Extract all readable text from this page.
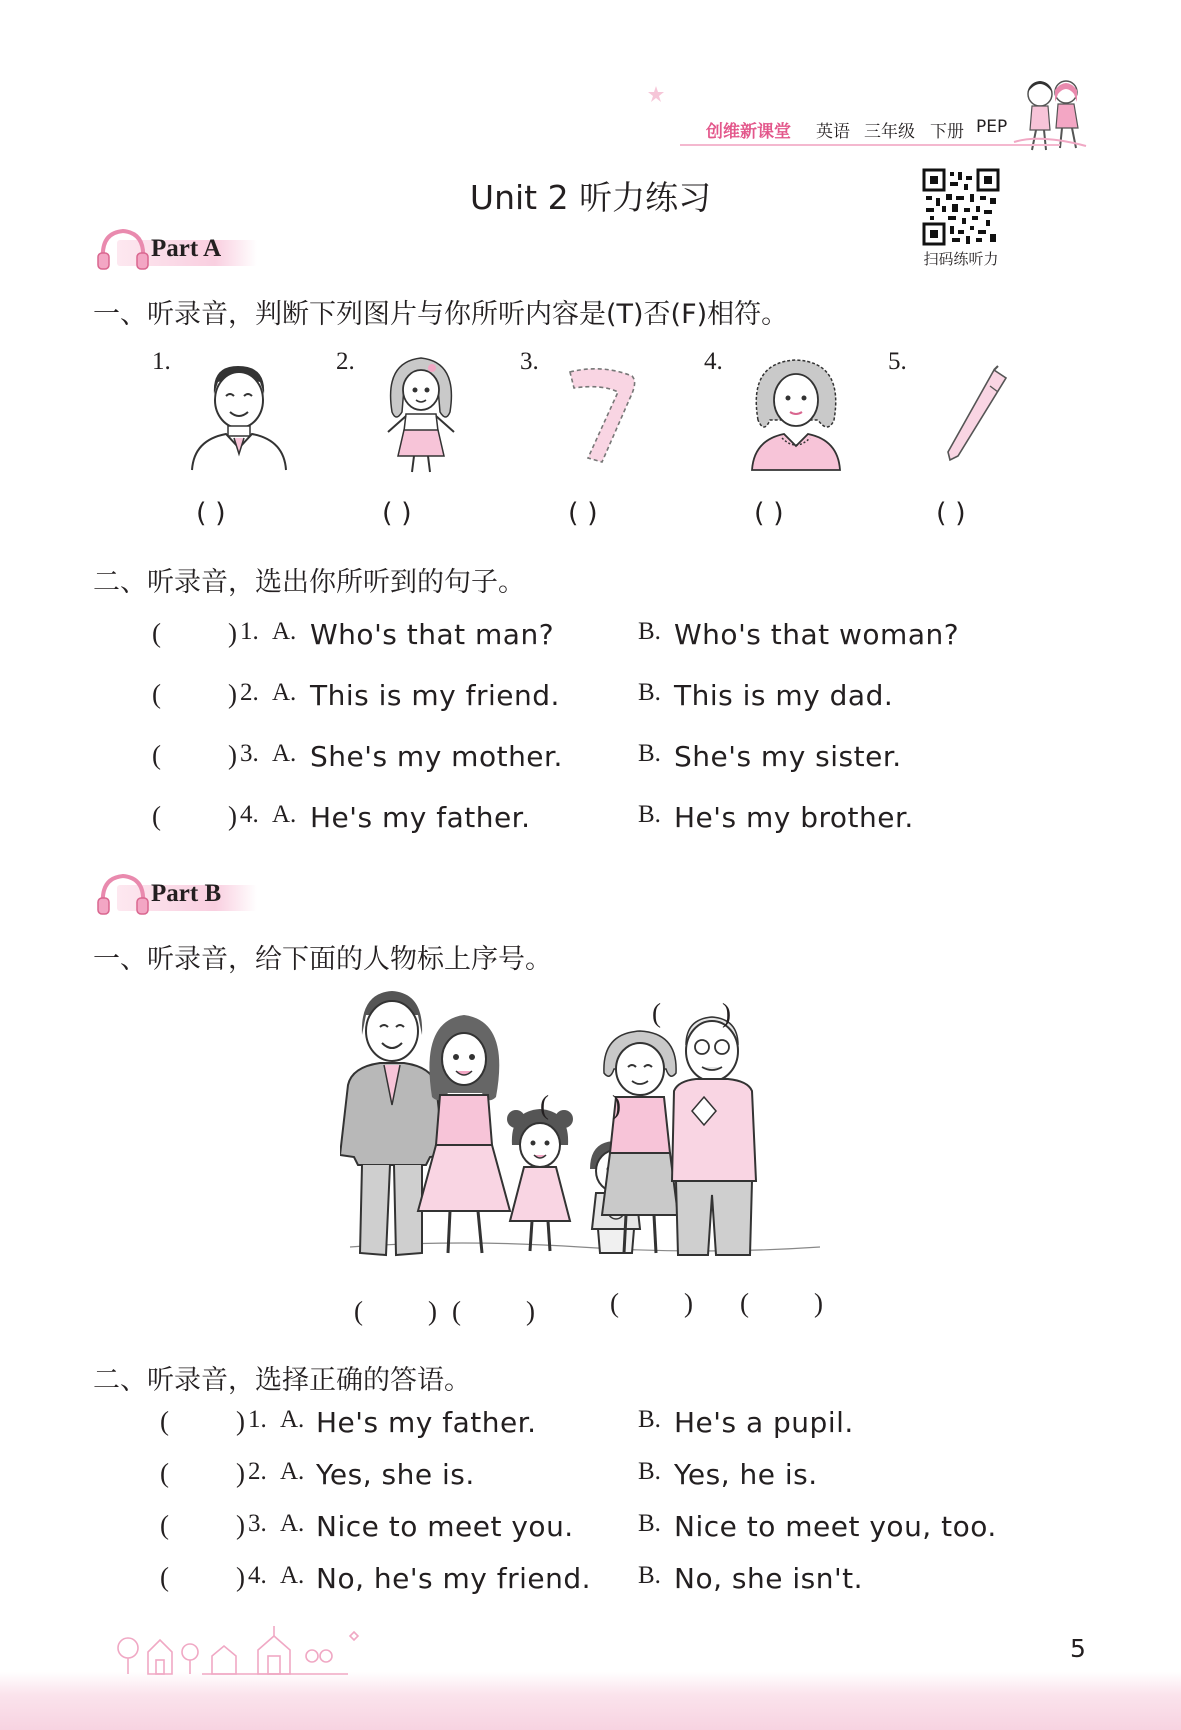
创维新课堂 英语 三年级 下册 PEP
Unit 2 听力练习
扫码练听力
Part A
一、听录音，判断下列图片与你所听内容是(T)否(F)相符。
1.
( )
2.
( )
3.
( )
4.
( )
5.
( )
二、听录音，选出你所听到的句子。
( ) 1. A. Who's that man?	B. Who's that woman?
( ) 2. A. This is my friend.	B. This is my dad.
( ) 3. A. She's my mother.	B. She's my sister.
( ) 4. A. He's my father.	B. He's my brother.
Part B
一、听录音，给下面的人物标上序号。
( )
( )
( ) ( )	( ) ( )
二、听录音，选择正确的答语。
( ) 1. A. He's my father.	B. He's a pupil.
( ) 2. A. Yes, she is.	B. Yes, he is.
( ) 3. A. Nice to meet you.	B. Nice to meet you, too.
( ) 4. A. No, he's my friend. B. No, she isn't.
5
